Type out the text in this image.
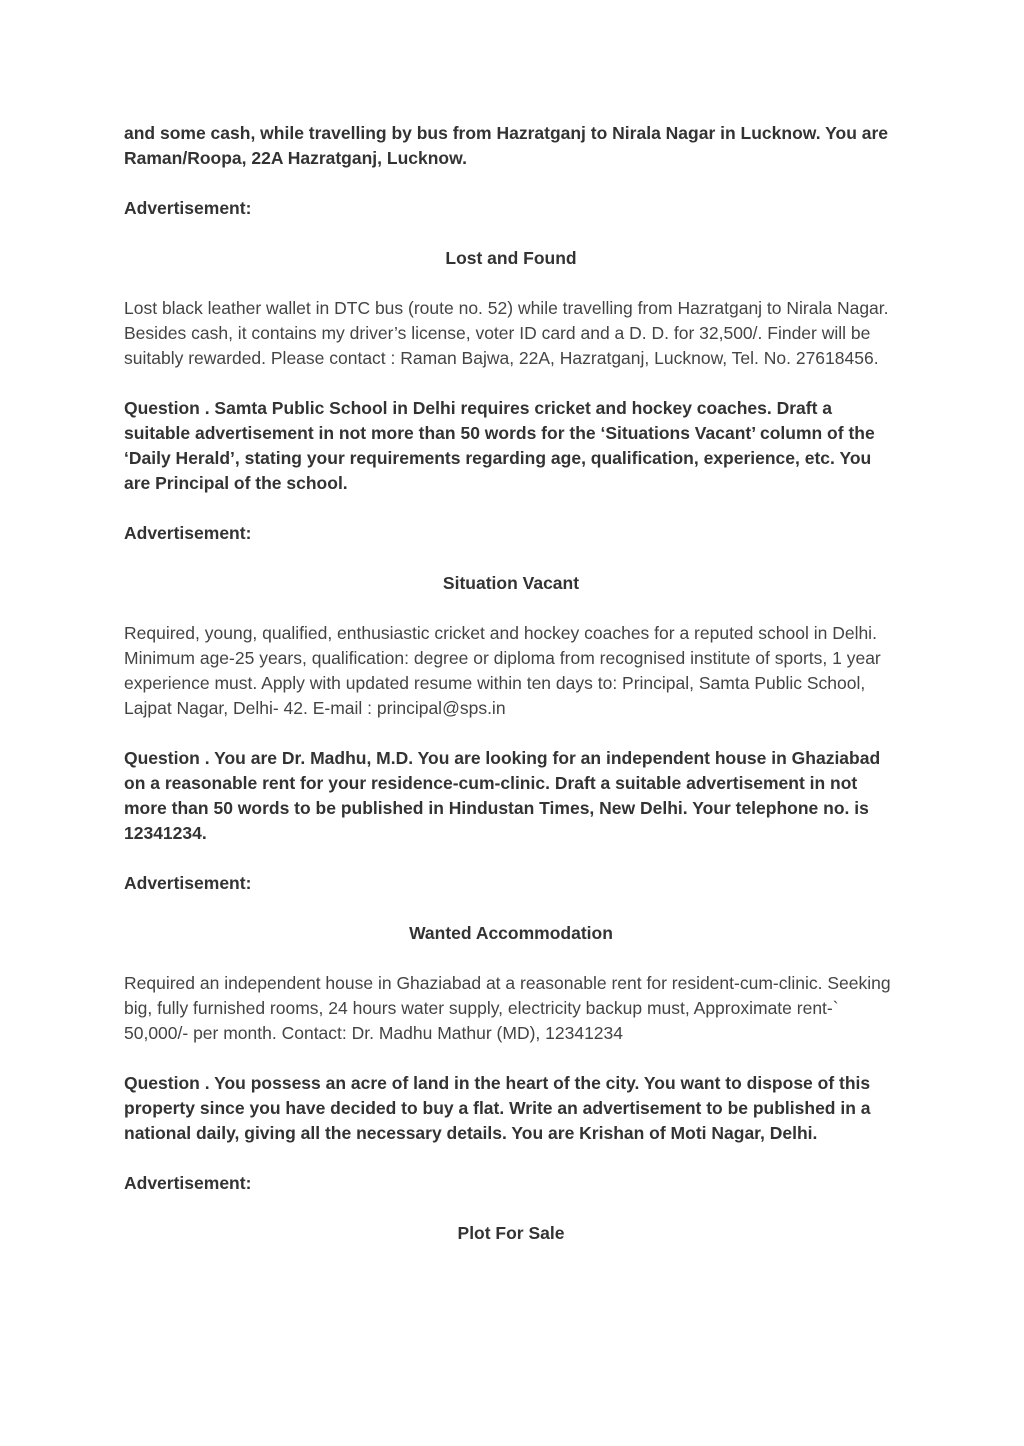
and some cash, while travelling by bus from Hazratganj to Nirala Nagar in Lucknow. You are Raman/Roopa, 22A Hazratganj, Lucknow.

Advertisement:

Lost and Found

Lost black leather wallet in DTC bus (route no. 52) while travelling from Hazratganj to Nirala Nagar. Besides cash, it contains my driver’s license, voter ID card and a D. D. for 32,500/. Finder will be suitably rewarded. Please contact : Raman Bajwa, 22A, Hazratganj, Lucknow, Tel. No. 27618456.

Question . Samta Public School in Delhi requires cricket and hockey coaches. Draft a suitable advertisement in not more than 50 words for the ‘Situations Vacant’ column of the ‘Daily Herald’, stating your requirements regarding age, qualification, experience, etc. You are Principal of the school.

Advertisement:

Situation Vacant

Required, young, qualified, enthusiastic cricket and hockey coaches for a reputed school in Delhi. Minimum age-25 years, qualification: degree or diploma from recognised institute of sports, 1 year experience must. Apply with updated resume within ten days to: Principal, Samta Public School, Lajpat Nagar, Delhi- 42. E-mail : principal@sps.in

Question . You are Dr. Madhu, M.D. You are looking for an independent house in Ghaziabad on a reasonable rent for your residence-cum-clinic. Draft a suitable advertisement in not more than 50 words to be published in Hindustan Times, New Delhi. Your telephone no. is 12341234.

Advertisement:

Wanted Accommodation

Required an independent house in Ghaziabad at a reasonable rent for resident-cum-clinic. Seeking big, fully furnished rooms, 24 hours water supply, electricity backup must, Approximate rent-` 50,000/- per month. Contact: Dr. Madhu Mathur (MD), 12341234

Question . You possess an acre of land in the heart of the city. You want to dispose of this property since you have decided to buy a flat. Write an advertisement to be published in a national daily, giving all the necessary details. You are Krishan of Moti Nagar, Delhi.

Advertisement:

Plot For Sale
